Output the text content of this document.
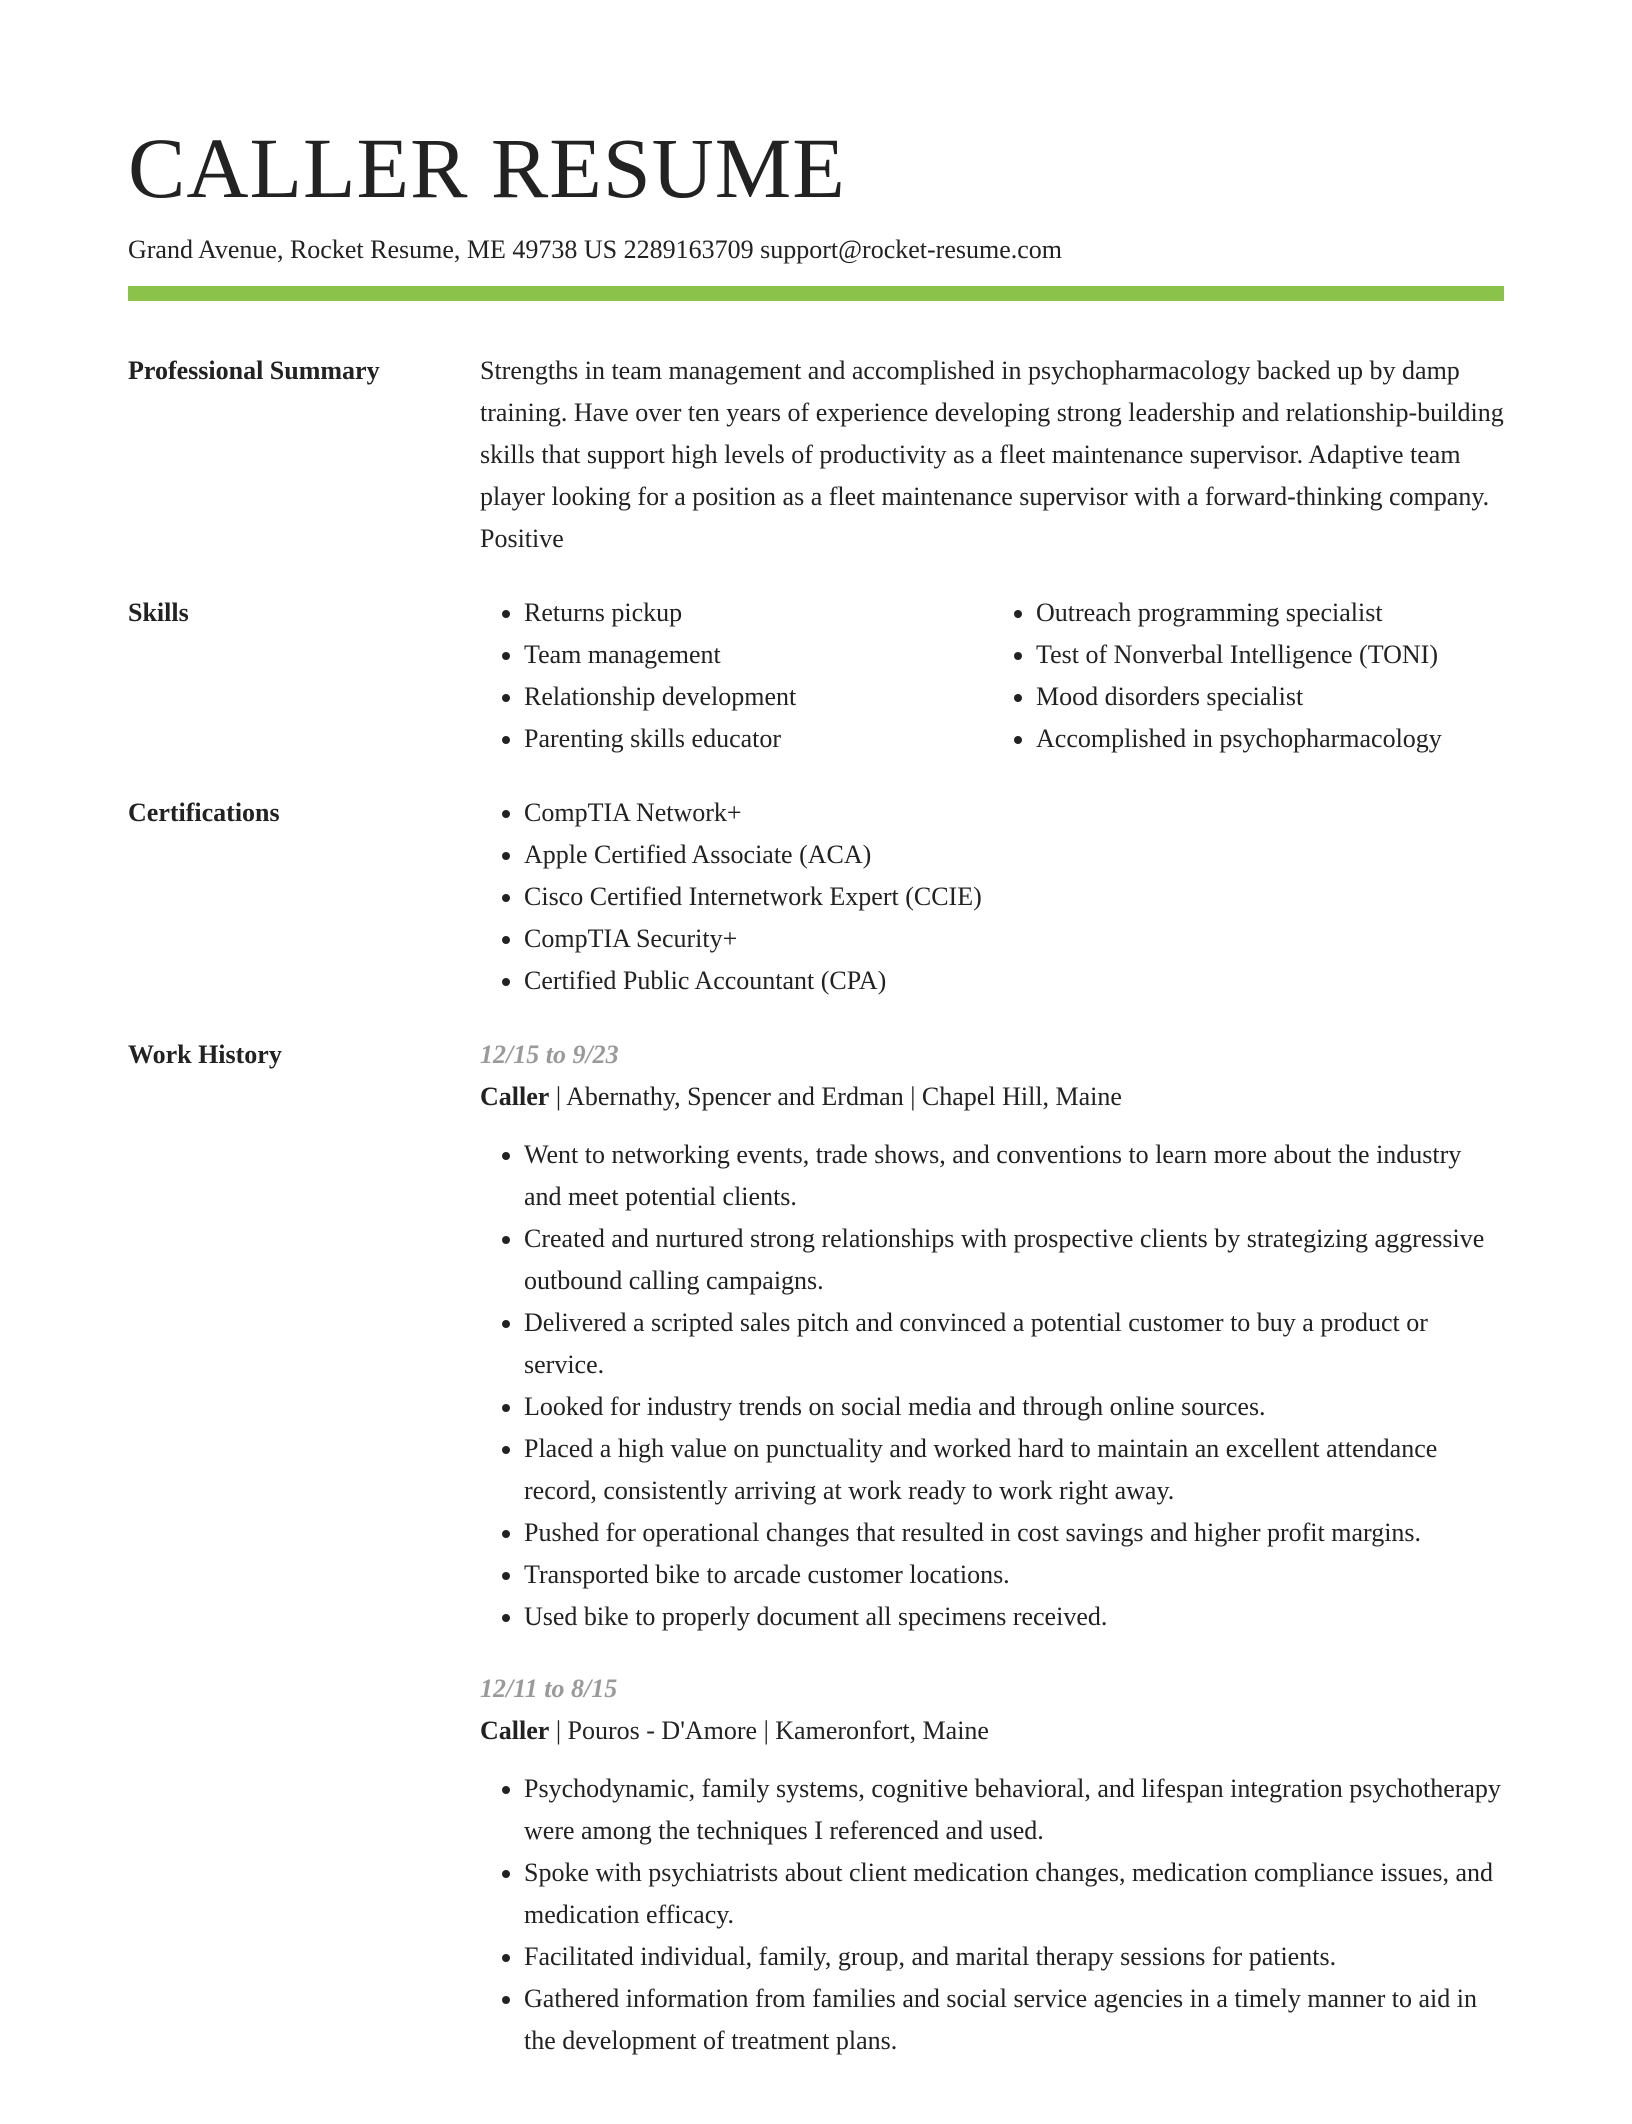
CALLER RESUME
Grand Avenue, Rocket Resume, ME 49738 US 2289163709 support@rocket-resume.com
Professional Summary	Strengths in team management and accomplished in psychopharmacology backed up by damp training. Have over ten years of experience developing strong leadership and relationship-building skills that support high levels of productivity as a fleet maintenance supervisor. Adaptive team player looking for a position as a fleet maintenance supervisor with a forward-thinking company. Positive

Skills	• Returns pickup
• Team management
• Relationship development
• Parenting skills educator
• Outreach programming specialist
• Test of Nonverbal Intelligence (TONI)
• Mood disorders specialist
• Accomplished in psychopharmacology
Certifications	• CompTIA Network+
• Apple Certified Associate (ACA)
• Cisco Certified Internetwork Expert (CCIE)
• CompTIA Security+
• Certified Public Accountant (CPA)
Work History	12/15 to 9/23
Caller | Abernathy, Spencer and Erdman | Chapel Hill, Maine
• Went to networking events, trade shows, and conventions to learn more about the industry and meet potential clients.
• Created and nurtured strong relationships with prospective clients by strategizing aggressive outbound calling campaigns.
• Delivered a scripted sales pitch and convinced a potential customer to buy a product or service.
• Looked for industry trends on social media and through online sources.
• Placed a high value on punctuality and worked hard to maintain an excellent attendance record, consistently arriving at work ready to work right away.
• Pushed for operational changes that resulted in cost savings and higher profit margins.
• Transported bike to arcade customer locations.
• Used bike to properly document all specimens received.
12/11 to 8/15
Caller | Pouros - D'Amore | Kameronfort, Maine
• Psychodynamic, family systems, cognitive behavioral, and lifespan integration psychotherapy were among the techniques I referenced and used.
• Spoke with psychiatrists about client medication changes, medication compliance issues, and medication efficacy.
• Facilitated individual, family, group, and marital therapy sessions for patients.
• Gathered information from families and social service agencies in a timely manner to aid in the development of treatment plans.
